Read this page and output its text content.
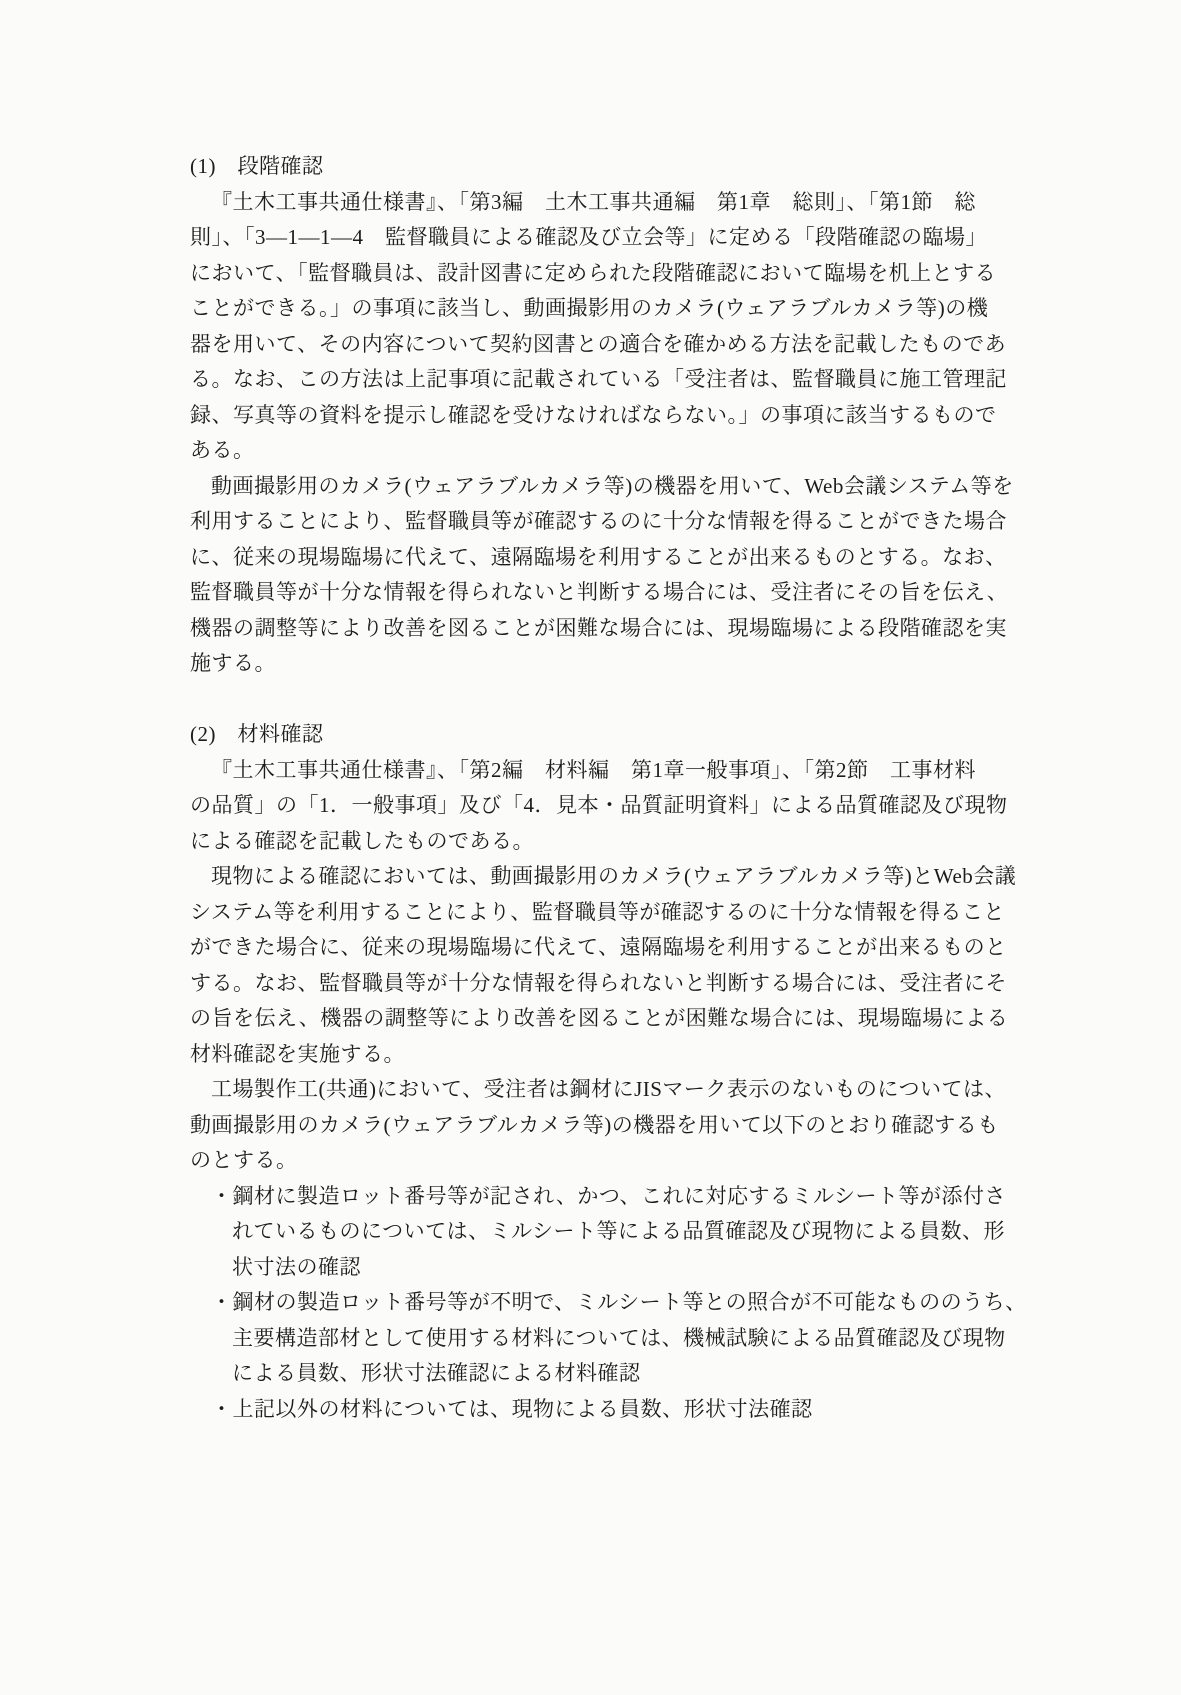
(1)　段階確認
『土木工事共通仕様書』、「第3編　土木工事共通編　第1章　総則」、「第1節　総
則」、「3―1―1―4　監督職員による確認及び立会等」に定める「段階確認の臨場」
において、「監督職員は、設計図書に定められた段階確認において臨場を机上とする
ことができる。」の事項に該当し、動画撮影用のカメラ(ウェアラブルカメラ等)の機
器を用いて、その内容について契約図書との適合を確かめる方法を記載したものであ
る。なお、この方法は上記事項に記載されている「受注者は、監督職員に施工管理記
録、写真等の資料を提示し確認を受けなければならない。」の事項に該当するもので
ある。
動画撮影用のカメラ(ウェアラブルカメラ等)の機器を用いて、Web会議システム等を
利用することにより、監督職員等が確認するのに十分な情報を得ることができた場合
に、従来の現場臨場に代えて、遠隔臨場を利用することが出来るものとする。なお、
監督職員等が十分な情報を得られないと判断する場合には、受注者にその旨を伝え、
機器の調整等により改善を図ることが困難な場合には、現場臨場による段階確認を実
施する。
(2)　材料確認
『土木工事共通仕様書』、「第2編　材料編　第1章一般事項」、「第2節　工事材料
の品質」の「1．一般事項」及び「4．見本・品質証明資料」による品質確認及び現物
による確認を記載したものである。
現物による確認においては、動画撮影用のカメラ(ウェアラブルカメラ等)とWeb会議
システム等を利用することにより、監督職員等が確認するのに十分な情報を得ること
ができた場合に、従来の現場臨場に代えて、遠隔臨場を利用することが出来るものと
する。なお、監督職員等が十分な情報を得られないと判断する場合には、受注者にそ
の旨を伝え、機器の調整等により改善を図ることが困難な場合には、現場臨場による
材料確認を実施する。
工場製作工(共通)において、受注者は鋼材にJISマーク表示のないものについては、
動画撮影用のカメラ(ウェアラブルカメラ等)の機器を用いて以下のとおり確認するも
のとする。
・鋼材に製造ロット番号等が記され、かつ、これに対応するミルシート等が添付さ
れているものについては、ミルシート等による品質確認及び現物による員数、形
状寸法の確認
・鋼材の製造ロット番号等が不明で、ミルシート等との照合が不可能なもののうち、
主要構造部材として使用する材料については、機械試験による品質確認及び現物
による員数、形状寸法確認による材料確認
・上記以外の材料については、現物による員数、形状寸法確認
